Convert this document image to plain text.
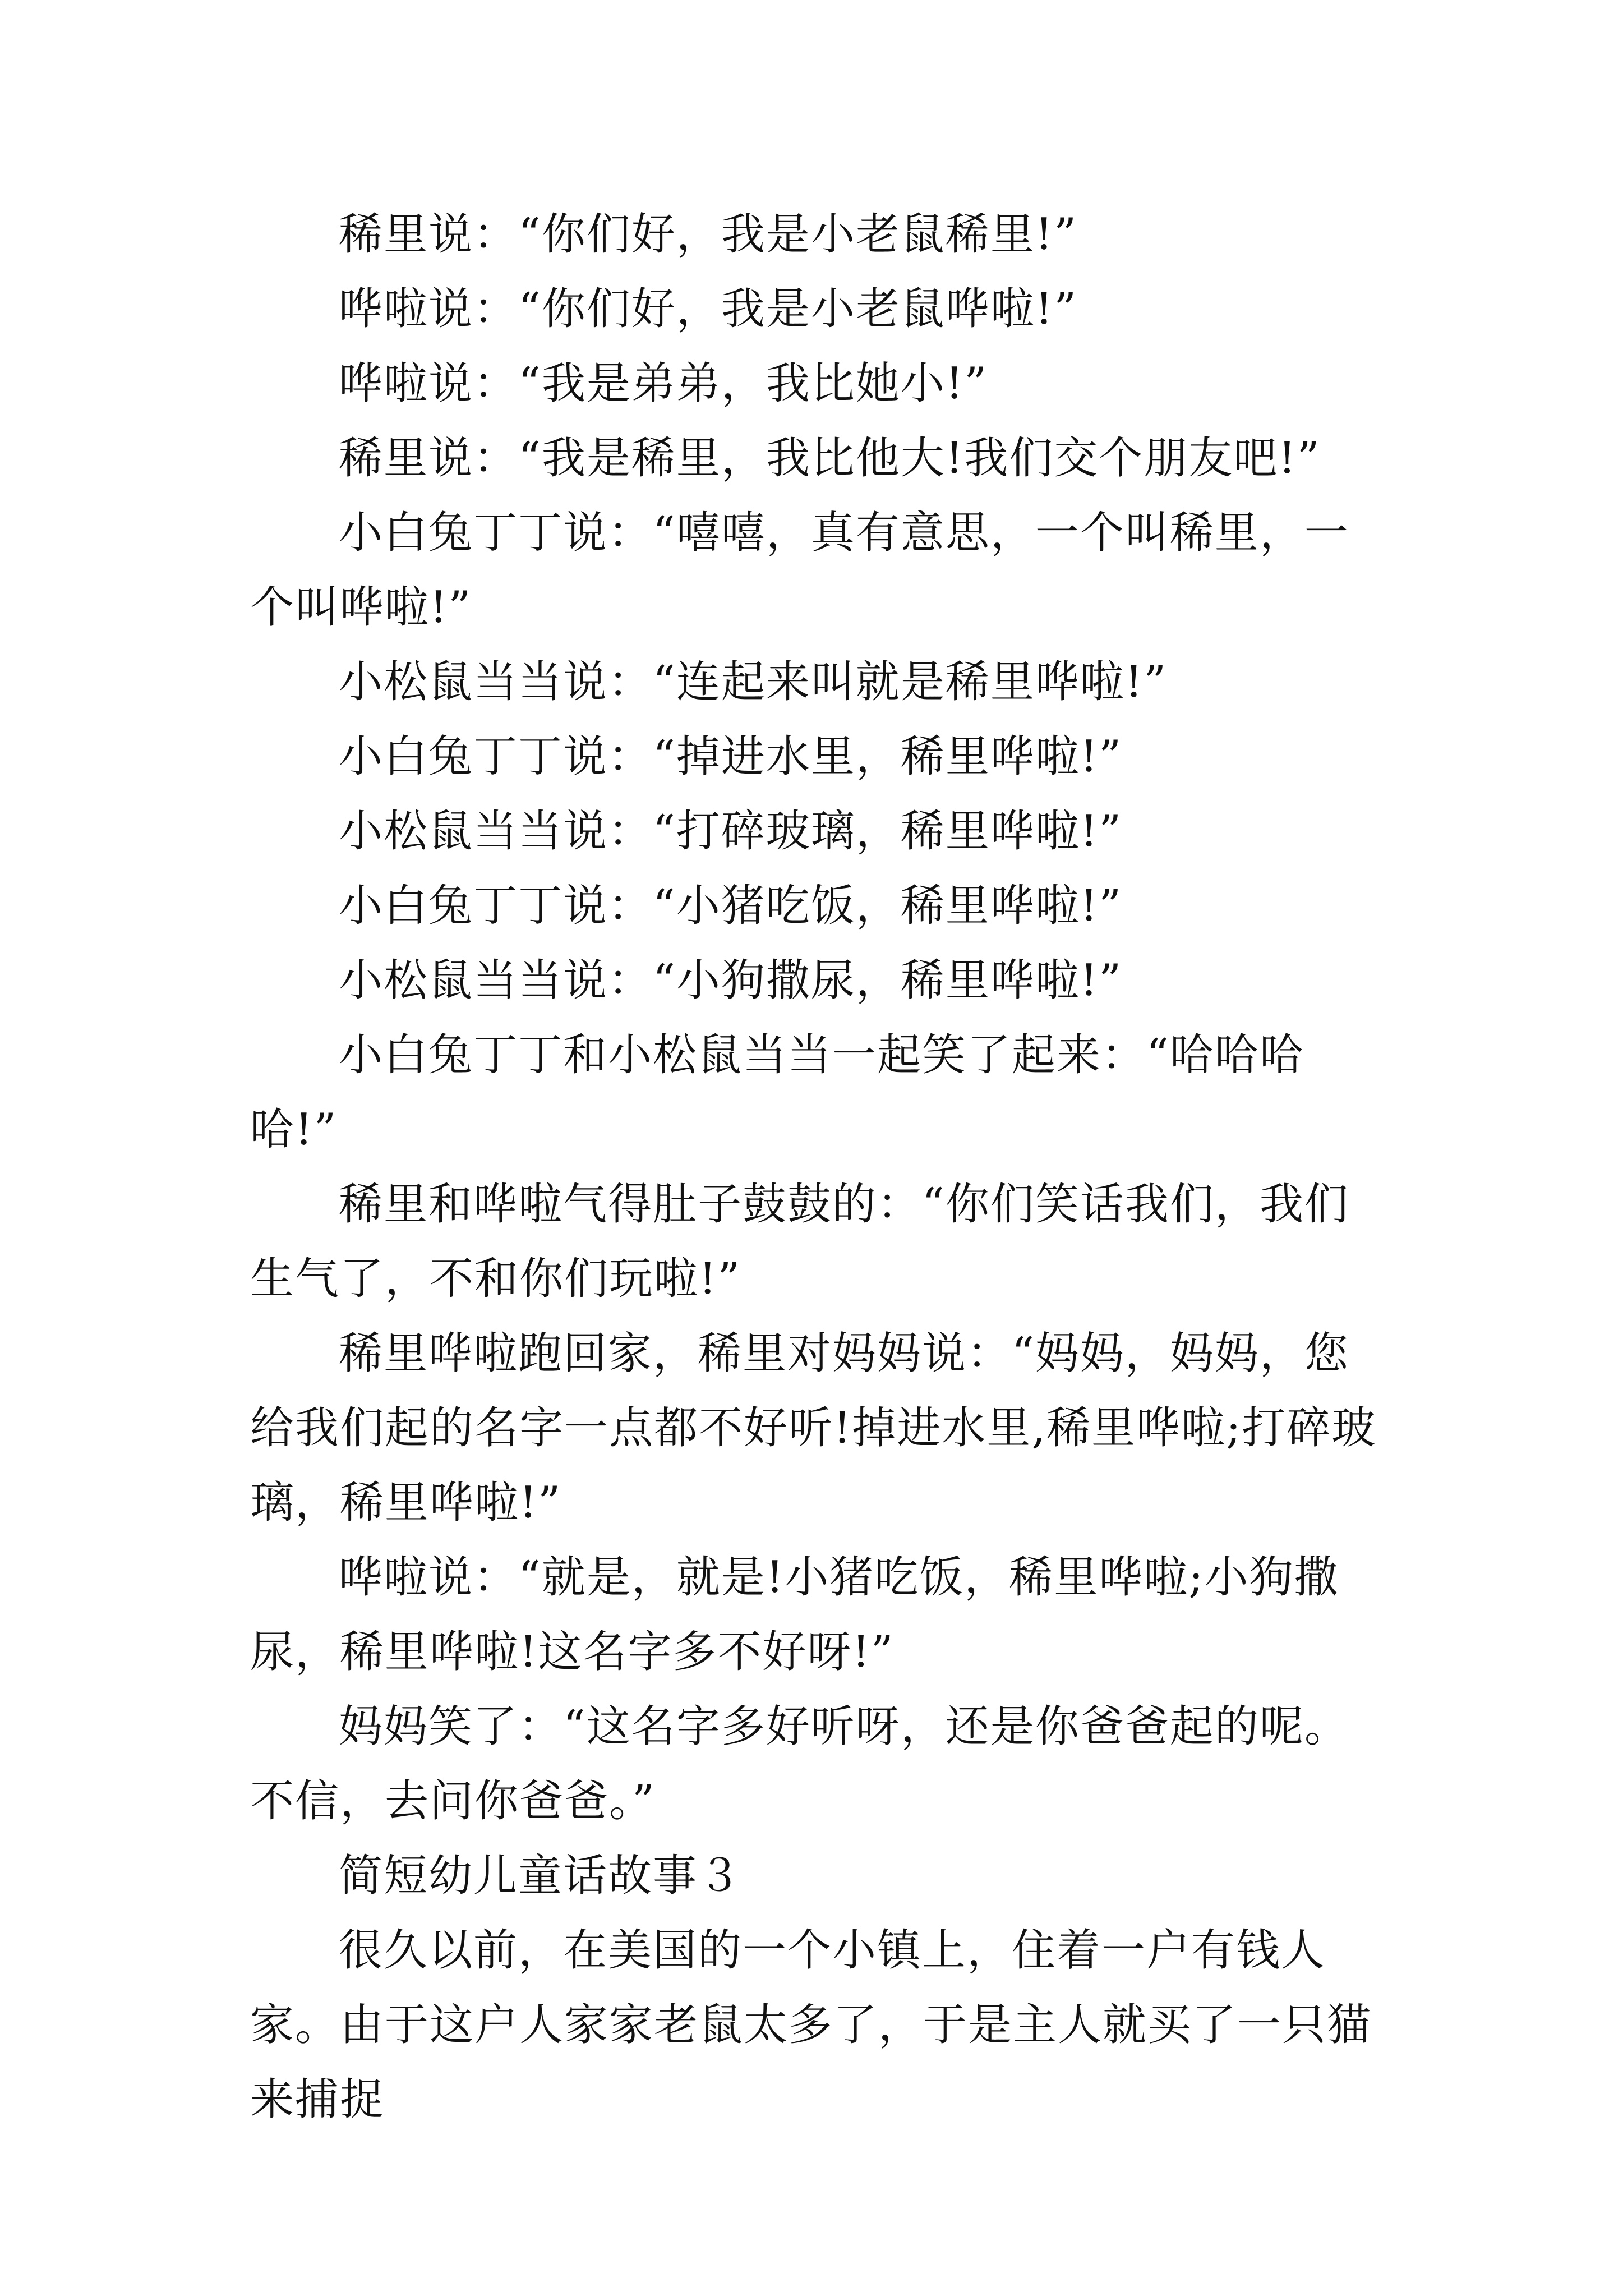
稀里说：“你们好，我是小老鼠稀里!”

哗啦说：“你们好，我是小老鼠哗啦!”

哗啦说：“我是弟弟，我比她小!”

稀里说：“我是稀里，我比他大!我们交个朋友吧!”

小白兔丁丁说：“嘻嘻，真有意思，一个叫稀里，一个叫哗啦!”

小松鼠当当说：“连起来叫就是稀里哗啦!”

小白兔丁丁说：“掉进水里，稀里哗啦!”

小松鼠当当说：“打碎玻璃，稀里哗啦!”

小白兔丁丁说：“小猪吃饭，稀里哗啦!”

小松鼠当当说：“小狗撒尿，稀里哗啦!”

小白兔丁丁和小松鼠当当一起笑了起来：“哈哈哈哈!”

稀里和哗啦气得肚子鼓鼓的：“你们笑话我们，我们生气了，不和你们玩啦!”

稀里哗啦跑回家，稀里对妈妈说：“妈妈，妈妈，您给我们起的名字一点都不好听!掉进水里,稀里哗啦;打碎玻璃，稀里哗啦!”

哗啦说：“就是，就是!小猪吃饭，稀里哗啦;小狗撒尿，稀里哗啦!这名字多不好呀!”

妈妈笑了：“这名字多好听呀，还是你爸爸起的呢。不信，去问你爸爸。”

简短幼儿童话故事３

很久以前，在美国的一个小镇上，住着一户有钱人家。由于这户人家家老鼠太多了，于是主人就买了一只猫来捕捉
